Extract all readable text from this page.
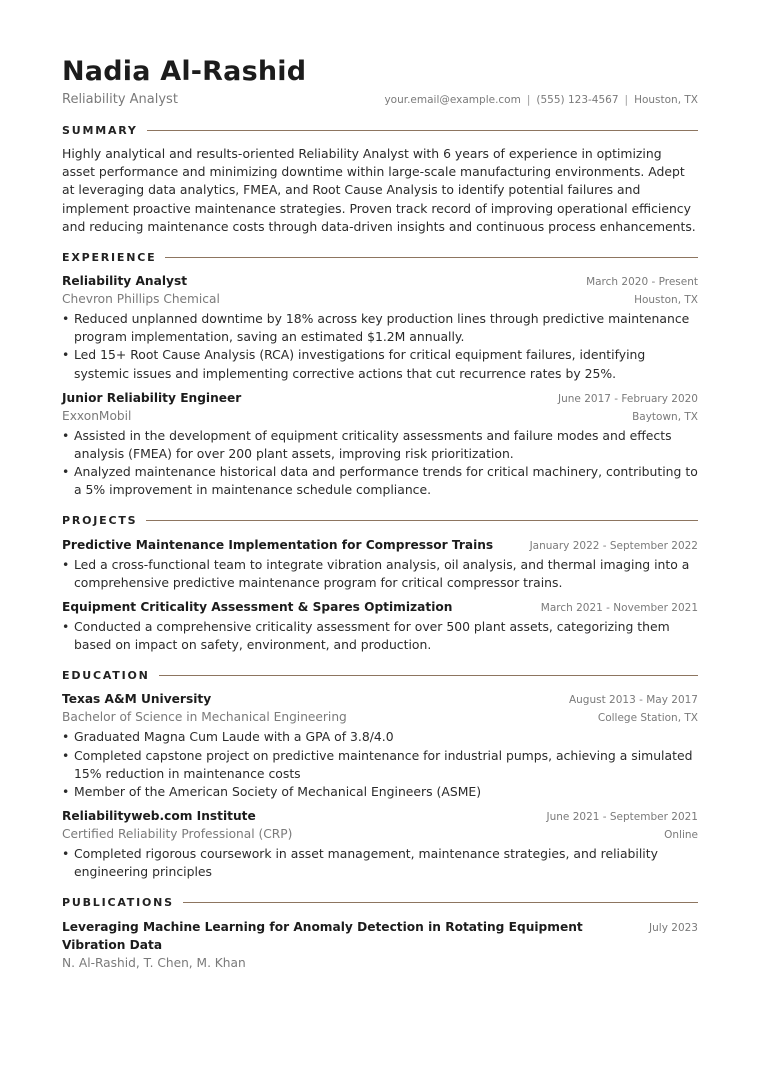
Nadia Al-Rashid
Reliability Analyst	your.email@example.com | (555) 123-4567 | Houston, TX
SUMMARY
Highly analytical and results-oriented Reliability Analyst with 6 years of experience in optimizing asset performance and minimizing downtime within large-scale manufacturing environments. Adept at leveraging data analytics, FMEA, and Root Cause Analysis to identify potential failures and implement proactive maintenance strategies. Proven track record of improving operational efficiency and reducing maintenance costs through data-driven insights and continuous process enhancements.
EXPERIENCE
Reliability Analyst	March 2020 - Present
Chevron Phillips Chemical	Houston, TX
• Reduced unplanned downtime by 18% across key production lines through predictive maintenance program implementation, saving an estimated $1.2M annually.
• Led 15+ Root Cause Analysis (RCA) investigations for critical equipment failures, identifying systemic issues and implementing corrective actions that cut recurrence rates by 25%.
Junior Reliability Engineer	June 2017 - February 2020
ExxonMobil	Baytown, TX
• Assisted in the development of equipment criticality assessments and failure modes and effects analysis (FMEA) for over 200 plant assets, improving risk prioritization.
• Analyzed maintenance historical data and performance trends for critical machinery, contributing to a 5% improvement in maintenance schedule compliance.
PROJECTS
Predictive Maintenance Implementation for Compressor Trains	January 2022 - September 2022
• Led a cross-functional team to integrate vibration analysis, oil analysis, and thermal imaging into a comprehensive predictive maintenance program for critical compressor trains.
Equipment Criticality Assessment & Spares Optimization	March 2021 - November 2021
• Conducted a comprehensive criticality assessment for over 500 plant assets, categorizing them based on impact on safety, environment, and production.
EDUCATION
Texas A&M University	August 2013 - May 2017
Bachelor of Science in Mechanical Engineering	College Station, TX
• Graduated Magna Cum Laude with a GPA of 3.8/4.0
• Completed capstone project on predictive maintenance for industrial pumps, achieving a simulated 15% reduction in maintenance costs
• Member of the American Society of Mechanical Engineers (ASME)
Reliabilityweb.com Institute	June 2021 - September 2021
Certified Reliability Professional (CRP)	Online
• Completed rigorous coursework in asset management, maintenance strategies, and reliability engineering principles
PUBLICATIONS
Leveraging Machine Learning for Anomaly Detection in Rotating Equipment Vibration Data
July 2023
N. Al-Rashid, T. Chen, M. Khan
